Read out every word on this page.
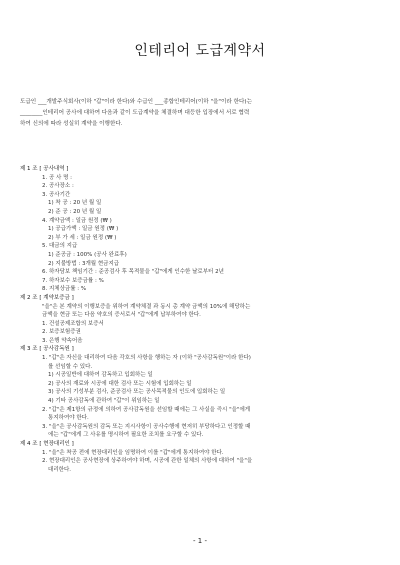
인테리어 도급계약서
도급인 ___개발주식회사(이하 "갑"이라 한다)와 수급인 ___종합인테리어(이하 "을"이라 한다)는
________인테리어 공사에 대하여 다음과 같이 도급계약을 체결하며 대등한 입장에서 서로 협력
하여 신의에 따라 성실히 계약을 이행한다.
제 1 조 [ 공사내역 ]
1. 공 사 명 :
2. 공사장소 :
3. 공사기간
1) 착 공 : 20 년 월 일
2) 준 공 : 20 년 월 일
4. 계약금액 : 일금 원정 (₩ )
1) 공급가액 : 일금 원정 (₩ )
2) 부 가 세 : 일금 원정 (₩ )
5. 대금의 지급
1) 준공금 : 100% (공사 완료후)
2) 지불방법 : 3개월 현금지급
6. 하자담보 책임기간 : 준공검사 후 목적물을 "갑"에게 인수한 날로부터 2년
7. 하자보수 보증금률 : %
8. 지체상금률 : %
제 2 조 [ 계약보증금 ]
"을"은 본 계약의 이행보증을 위하여 계약체결 과 동시 총 계약 금액의 10%에 해당하는
금액을 현금 또는 다음 약호의 증서로서 "갑"에게 납부하여야 한다.
1. 건설공제조합의 보증서
2. 보증보험증권
3. 은행 약속어음
제 3 조 [ 공사감독원 ]
1. "갑"은 자신을 대리하여 다음 각호의 사항을 행하는 자 (이하 "공사감독원"이라 한다)
를 선임할 수 있다.
1) 시공일반에 대하여 감독하고 입회하는 일
2) 공사의 재료와 시공에 대한 검사 또는 시험에 입회하는 일
3) 공사의 기성부분 검사, 준공검사 또는 공사목적물의 인도에 입회하는 일
4) 기타 공사감독에 관하여 "갑"이 위임하는 일
2. "갑"은 제1항의 규정에 의하여 공사감독원을 선임할 때에는 그 사실을 즉시 "을"에게
통지하여야 한다.
3. "을"은 공사감독원의 감독 또는 지시사항이 공사수행에 현저히 부당하다고 인정할 때
에는 "갑"에게 그 사유를 명시하여 필요한 조치를 요구할 수 있다.
제 4 조 [ 현장대리인 ]
1. "을"은 착공 전에 현장대리인을 임명하여 이를 "갑"에게 통지하여야 한다.
2. 현장대리인은 공사현장에 상주하여야 하며, 시공에 관한 일체의 사항에 대하여 "을"을
대리한다.
- 1 -
